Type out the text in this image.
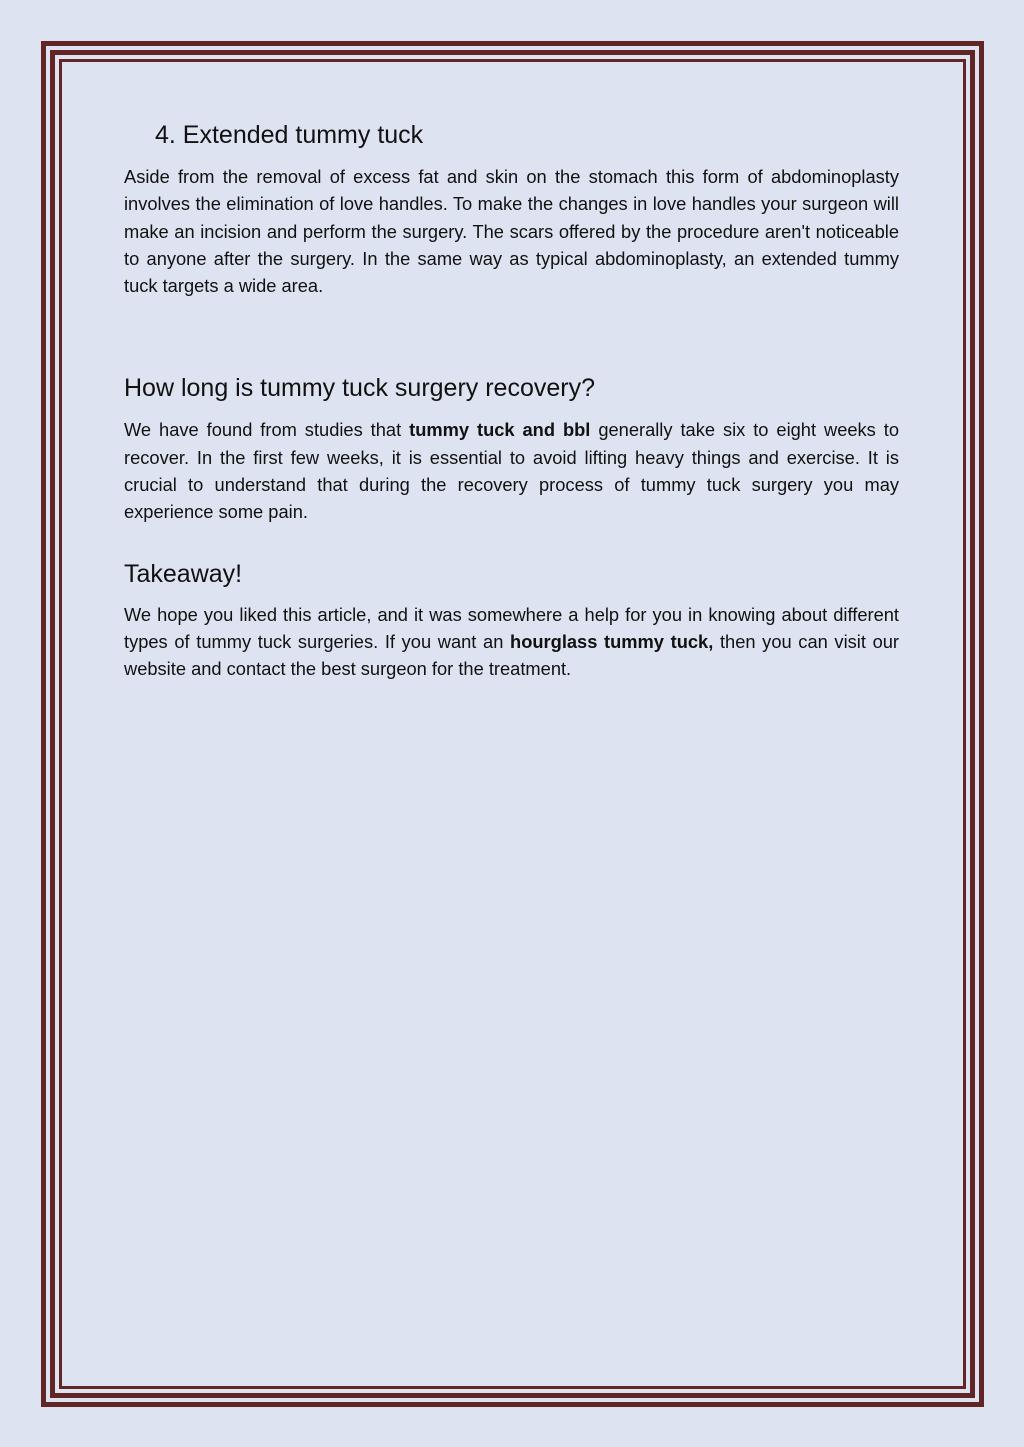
4. Extended tummy tuck

Aside from the removal of excess fat and skin on the stomach this form of abdominoplasty involves the elimination of love handles. To make the changes in love handles your surgeon will make an incision and perform the surgery. The scars offered by the procedure aren't noticeable to anyone after the surgery. In the same way as typical abdominoplasty, an extended tummy tuck targets a wide area.

How long is tummy tuck surgery recovery?

We have found from studies that tummy tuck and bbl generally take six to eight weeks to recover. In the first few weeks, it is essential to avoid lifting heavy things and exercise. It is crucial to understand that during the recovery process of tummy tuck surgery you may experience some pain.

Takeaway!

We hope you liked this article, and it was somewhere a help for you in knowing about different types of tummy tuck surgeries. If you want an hourglass tummy tuck, then you can visit our website and contact the best surgeon for the treatment.
